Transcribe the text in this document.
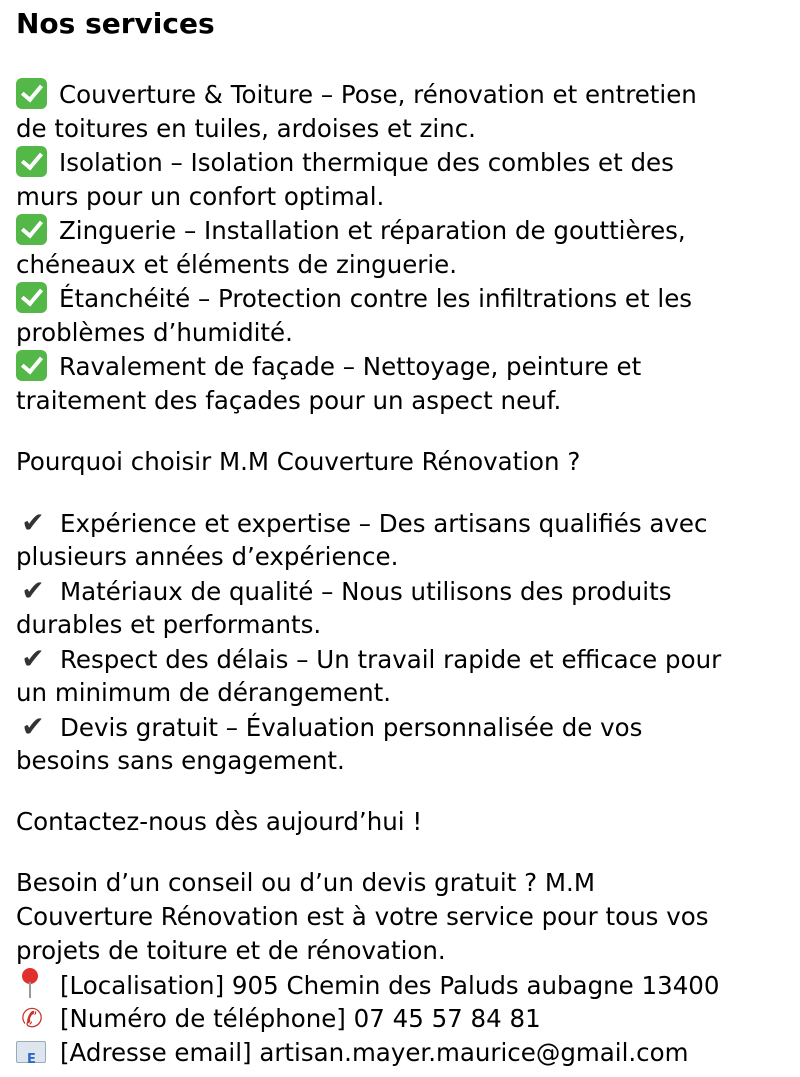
Nos services
Couverture & Toiture – Pose, rénovation et entretien
de toitures en tuiles, ardoises et zinc.
Isolation – Isolation thermique des combles et des
murs pour un confort optimal.
Zinguerie – Installation et réparation de gouttières,
chéneaux et éléments de zinguerie.
Étanchéité – Protection contre les infiltrations et les
problèmes d’humidité.
Ravalement de façade – Nettoyage, peinture et
traitement des façades pour un aspect neuf.
Pourquoi choisir M.M Couverture Rénovation ?
✔ Expérience et expertise – Des artisans qualifiés avec
plusieurs années d’expérience.
✔ Matériaux de qualité – Nous utilisons des produits
durables et performants.
✔ Respect des délais – Un travail rapide et efficace pour
un minimum de dérangement.
✔ Devis gratuit – Évaluation personnalisée de vos
besoins sans engagement.
Contactez-nous dès aujourd’hui !
Besoin d’un conseil ou d’un devis gratuit ? M.M
Couverture Rénovation est à votre service pour tous vos
projets de toiture et de rénovation.
[Localisation] 905 Chemin des Paluds aubagne 13400
✆ [Numéro de téléphone] 07 45 57 84 81
E[Adresse email] artisan.mayer.maurice@gmail.com
